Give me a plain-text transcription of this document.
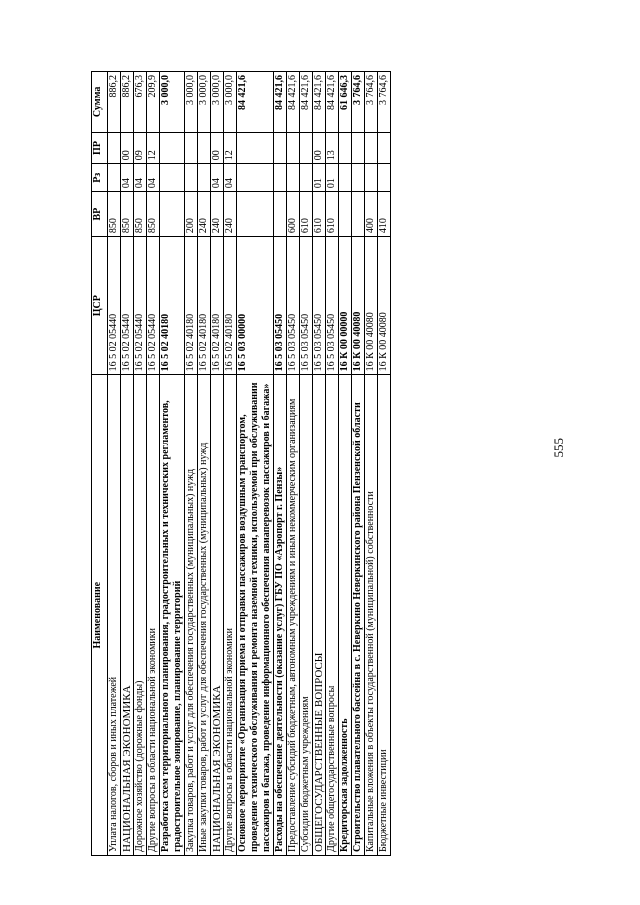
555
Наименование	ЦСР	ВР	Рз	ПР	Сумма
Уплата налогов, сборов и иных платежей	16 5 02 05440	850			886,2
НАЦИОНАЛЬНАЯ ЭКОНОМИКА	16 5 02 05440	850	04	00	886,2
Дорожное хозяйство (дорожные фонды)	16 5 02 05440	850	04	09	676,3
Другие вопросы в области национальной экономики	16 5 02 05440	850	04	12	209,9
Разработка схем территориального планирования, градостроительных и технических регламентов, градостроительное зонирование, планирование территорий	16 5 02 40180				3 000,0
Закупка товаров, работ и услуг для обеспечения государственных (муниципальных) нужд	16 5 02 40180	200			3 000,0
Иные закупки товаров, работ и услуг для обеспечения государственных (муниципальных) нужд	16 5 02 40180	240			3 000,0
НАЦИОНАЛЬНАЯ ЭКОНОМИКА	16 5 02 40180	240	04	00	3 000,0
Другие вопросы в области национальной экономики	16 5 02 40180	240	04	12	3 000,0
Основное мероприятие «Организация приема и отправки пассажиров воздушным транспортом, проведение технического обслуживания и ремонта наземной техники, используемой при обслуживании пассажиров и багажа, проведение информационного обеспечения авиаперевозок пассажиров и багажа»	16 5 03 00000				84 421,6
Расходы на обеспечение деятельности (оказание услуг) ГБУ ПО «Аэропорт г. Пензы»	16 5 03 05450				84 421,6
Предоставление субсидий бюджетным, автономным учреждениям и иным некоммерческим организациям	16 5 03 05450	600			84 421,6
Субсидии бюджетным учреждениям	16 5 03 05450	610			84 421,6
ОБЩЕГОСУДАРСТВЕННЫЕ ВОПРОСЫ	16 5 03 05450	610	01	00	84 421,6
Другие общегосударственные вопросы	16 5 03 05450	610	01	13	84 421,6
Кредиторская задолженность	16 К 00 00000				61 646,3
Строительство плавательного бассейна в с. Неверкино Неверкинского района Пензенской области	16 К 00 40080				3 764,6
Капитальные вложения в объекты государственной (муниципальной) собственности	16 К 00 40080	400			3 764,6
Бюджетные инвестиции	16 К 00 40080	410			3 764,6
